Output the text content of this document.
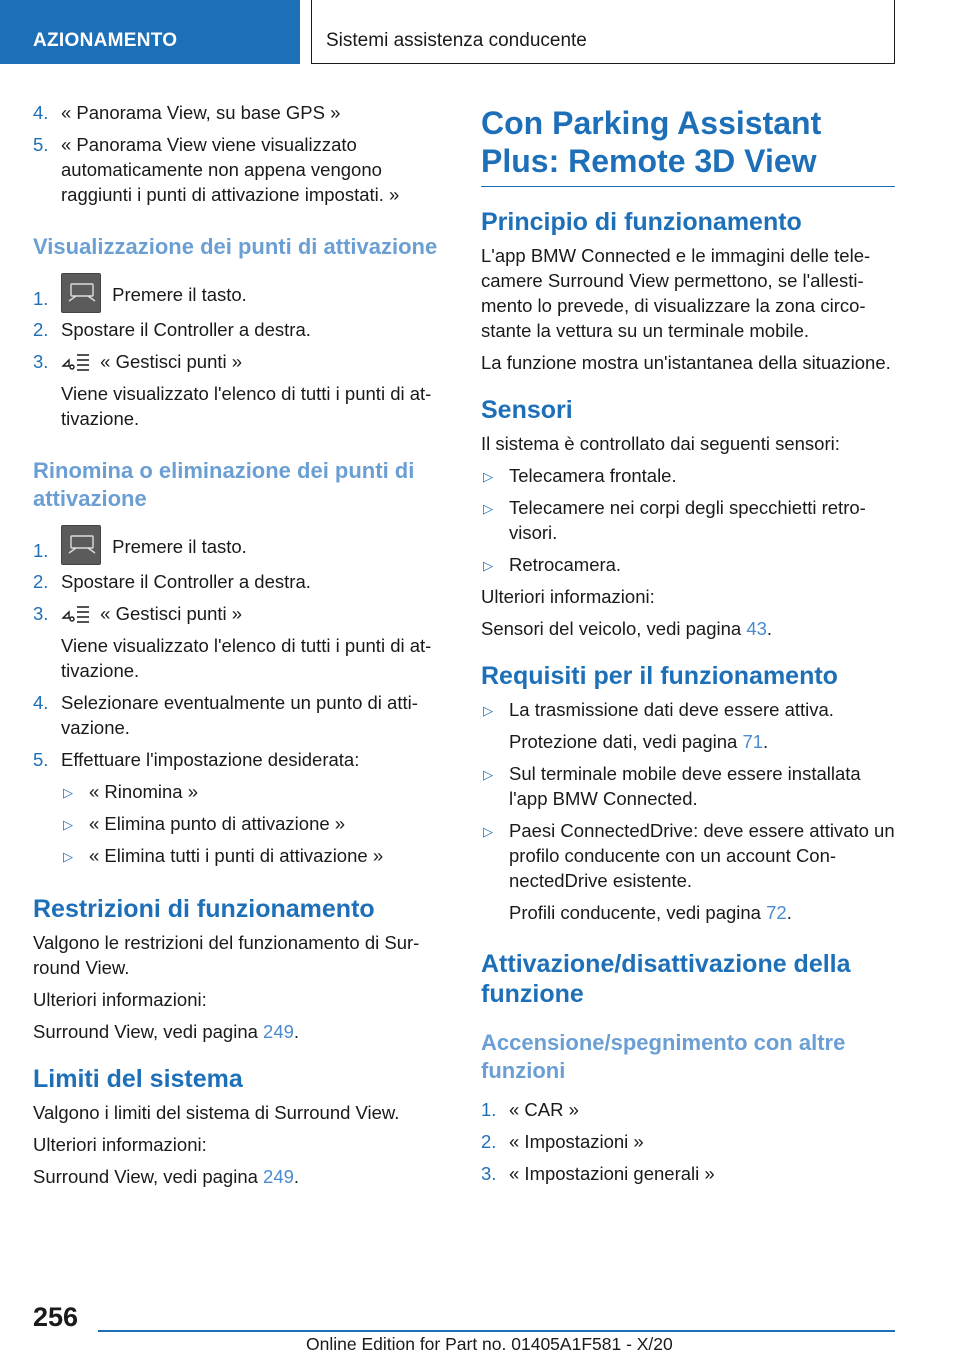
AZIONAMENTO	Sistemi assistenza conducente
4. « Panorama View, su base GPS »
5. « Panorama View viene visualizzato automaticamente non appena vengono raggiunti i punti di attivazione impostati. »
Visualizzazione dei punti di attivazione
1.	Premere il tasto.
2. Spostare il Controller a destra.
3.	« Gestisci punti »
Viene visualizzato l'elenco di tutti i punti di attivazione.
Rinomina o eliminazione dei punti di attivazione
1.	Premere il tasto.
2. Spostare il Controller a destra.
3.	« Gestisci punti »
Viene visualizzato l'elenco di tutti i punti di attivazione.
4. Selezionare eventualmente un punto di attivazione.
5. Effettuare l'impostazione desiderata:
▷ « Rinomina »
▷ « Elimina punto di attivazione »
▷ « Elimina tutti i punti di attivazione »
Restrizioni di funzionamento

Valgono le restrizioni del funzionamento di Surround View.

Ulteriori informazioni:

Surround View, vedi pagina 249.

Limiti del sistema

Valgono i limiti del sistema di Surround View.

Ulteriori informazioni:

Surround View, vedi pagina 249.

Con Parking Assistant Plus: Remote 3D View
Principio di funzionamento

L'app BMW Connected e le immagini delle telecamere Surround View permettono, se l'allestimento lo prevede, di visualizzare la zona circostante la vettura su un terminale mobile.

La funzione mostra un'istantanea della situazione.

Sensori

Il sistema è controllato dai seguenti sensori:

▷ Telecamera frontale.
▷ Telecamere nei corpi degli specchietti retrovisori.
▷ Retrocamera.

Ulteriori informazioni:

Sensori del veicolo, vedi pagina 43.

Requisiti per il funzionamento
▷ La trasmissione dati deve essere attiva.
Protezione dati, vedi pagina 71.
▷ Sul terminale mobile deve essere installata l'app BMW Connected.
▷ Paesi ConnectedDrive: deve essere attivato un profilo conducente con un account ConnectedDrive esistente.
Profili conducente, vedi pagina 72.
Attivazione/disattivazione della funzione
Accensione/spegnimento con altre funzioni
1. « CAR »
2. « Impostazioni »
3. « Impostazioni generali »
256
Online Edition for Part no. 01405A1F581 - X/20
